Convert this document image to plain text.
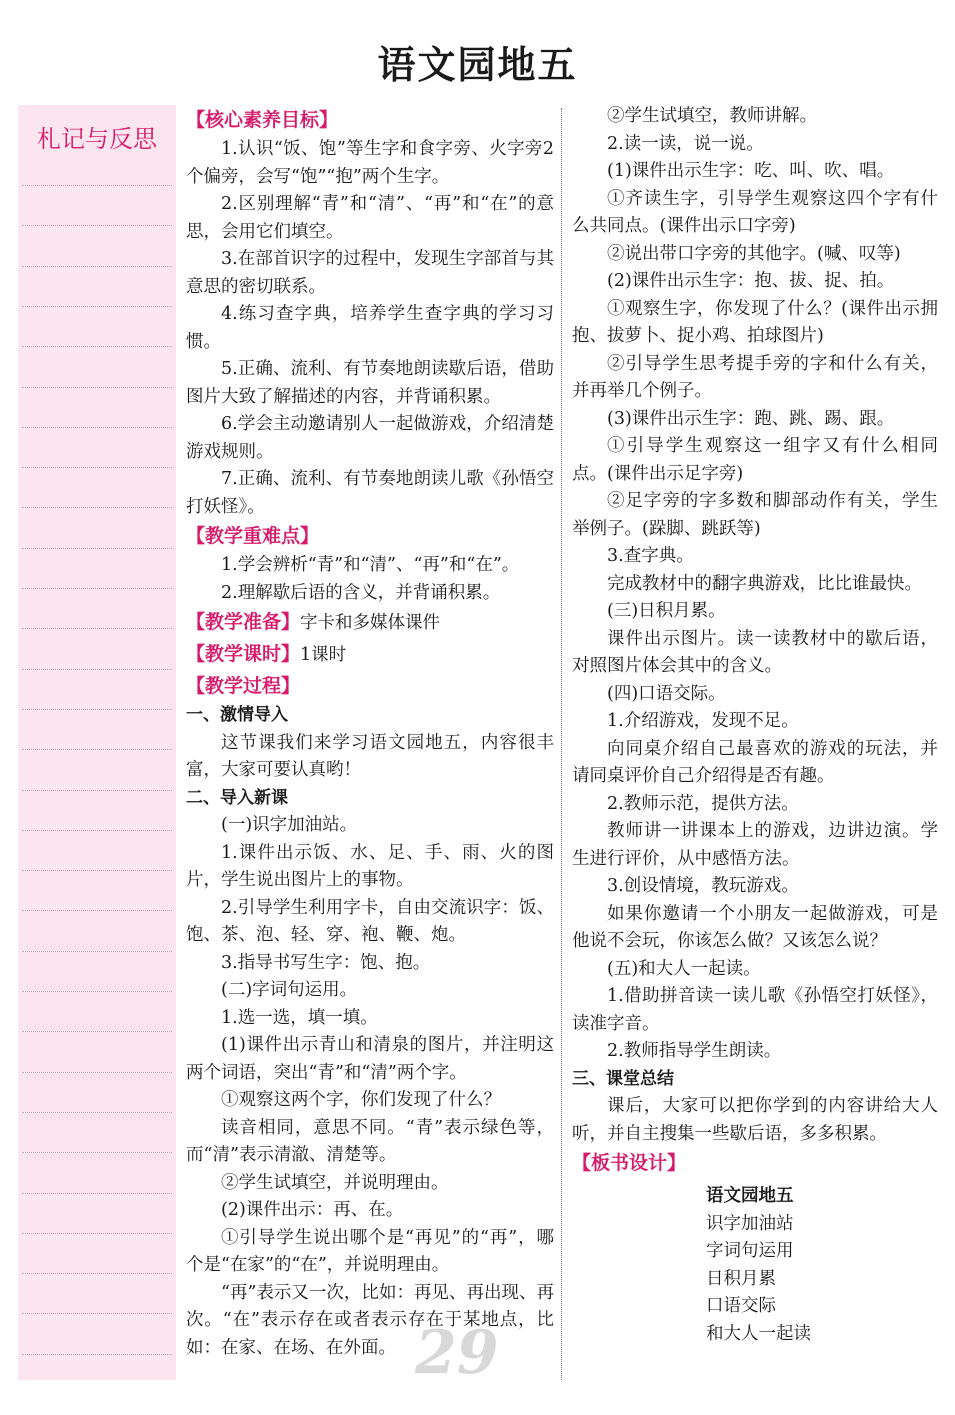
语文园地五
札记与反思
【核心素养目标】

1.认识“饭、饱”等生字和食字旁、火字旁2个偏旁，会写“饱”“抱”两个生字。

2.区别理解“青”和“清”、“再”和“在”的意思，会用它们填空。

3.在部首识字的过程中，发现生字部首与其意思的密切联系。

4.练习查字典，培养学生查字典的学习习惯。

5.正确、流利、有节奏地朗读歇后语，借助图片大致了解描述的内容，并背诵积累。

6.学会主动邀请别人一起做游戏，介绍清楚游戏规则。

7.正确、流利、有节奏地朗读儿歌《孙悟空打妖怪》。

【教学重难点】

1.学会辨析“青”和“清”、“再”和“在”。

2.理解歇后语的含义，并背诵积累。

【教学准备】字卡和多媒体课件
【教学课时】1课时
【教学过程】

一、激情导入

这节课我们来学习语文园地五，内容很丰富，大家可要认真哟！

二、导入新课

(一)识字加油站。

1.课件出示饭、水、足、手、雨、火的图片，学生说出图片上的事物。

2.引导学生利用字卡，自由交流识字：饭、饱、茶、泡、轻、穿、袍、鞭、炮。

3.指导书写生字：饱、抱。

(二)字词句运用。

1.选一选，填一填。

(1)课件出示青山和清泉的图片，并注明这两个词语，突出“青”和“清”两个字。

①观察这两个字，你们发现了什么？

读音相同，意思不同。“青”表示绿色等，而“清”表示清澈、清楚等。

②学生试填空，并说明理由。

(2)课件出示：再、在。

①引导学生说出哪个是“再见”的“再”，哪个是“在家”的“在”，并说明理由。

“再”表示又一次，比如：再见、再出现、再次。“在”表示存在或者表示存在于某地点，比如：在家、在场、在外面。

②学生试填空，教师讲解。

2.读一读，说一说。

(1)课件出示生字：吃、叫、吹、唱。

①齐读生字，引导学生观察这四个字有什么共同点。(课件出示口字旁)

②说出带口字旁的其他字。(喊、叹等)

(2)课件出示生字：抱、拔、捉、拍。

①观察生字，你发现了什么？(课件出示拥抱、拔萝卜、捉小鸡、拍球图片)

②引导学生思考提手旁的字和什么有关，并再举几个例子。

(3)课件出示生字：跑、跳、踢、跟。

①引导学生观察这一组字又有什么相同点。(课件出示足字旁)

②足字旁的字多数和脚部动作有关，学生举例子。(跺脚、跳跃等)

3.查字典。

完成教材中的翻字典游戏，比比谁最快。

(三)日积月累。

课件出示图片。读一读教材中的歇后语，对照图片体会其中的含义。

(四)口语交际。

1.介绍游戏，发现不足。

向同桌介绍自己最喜欢的游戏的玩法，并请同桌评价自己介绍得是否有趣。

2.教师示范，提供方法。

教师讲一讲课本上的游戏，边讲边演。学生进行评价，从中感悟方法。

3.创设情境，教玩游戏。

如果你邀请一个小朋友一起做游戏，可是他说不会玩，你该怎么做？又该怎么说？

(五)和大人一起读。

1.借助拼音读一读儿歌《孙悟空打妖怪》，读准字音。

2.教师指导学生朗读。

三、课堂总结

课后，大家可以把你学到的内容讲给大人听，并自主搜集一些歇后语，多多积累。

【板书设计】
语文园地五
识字加油站
字词句运用
日积月累
口语交际
和大人一起读
29
